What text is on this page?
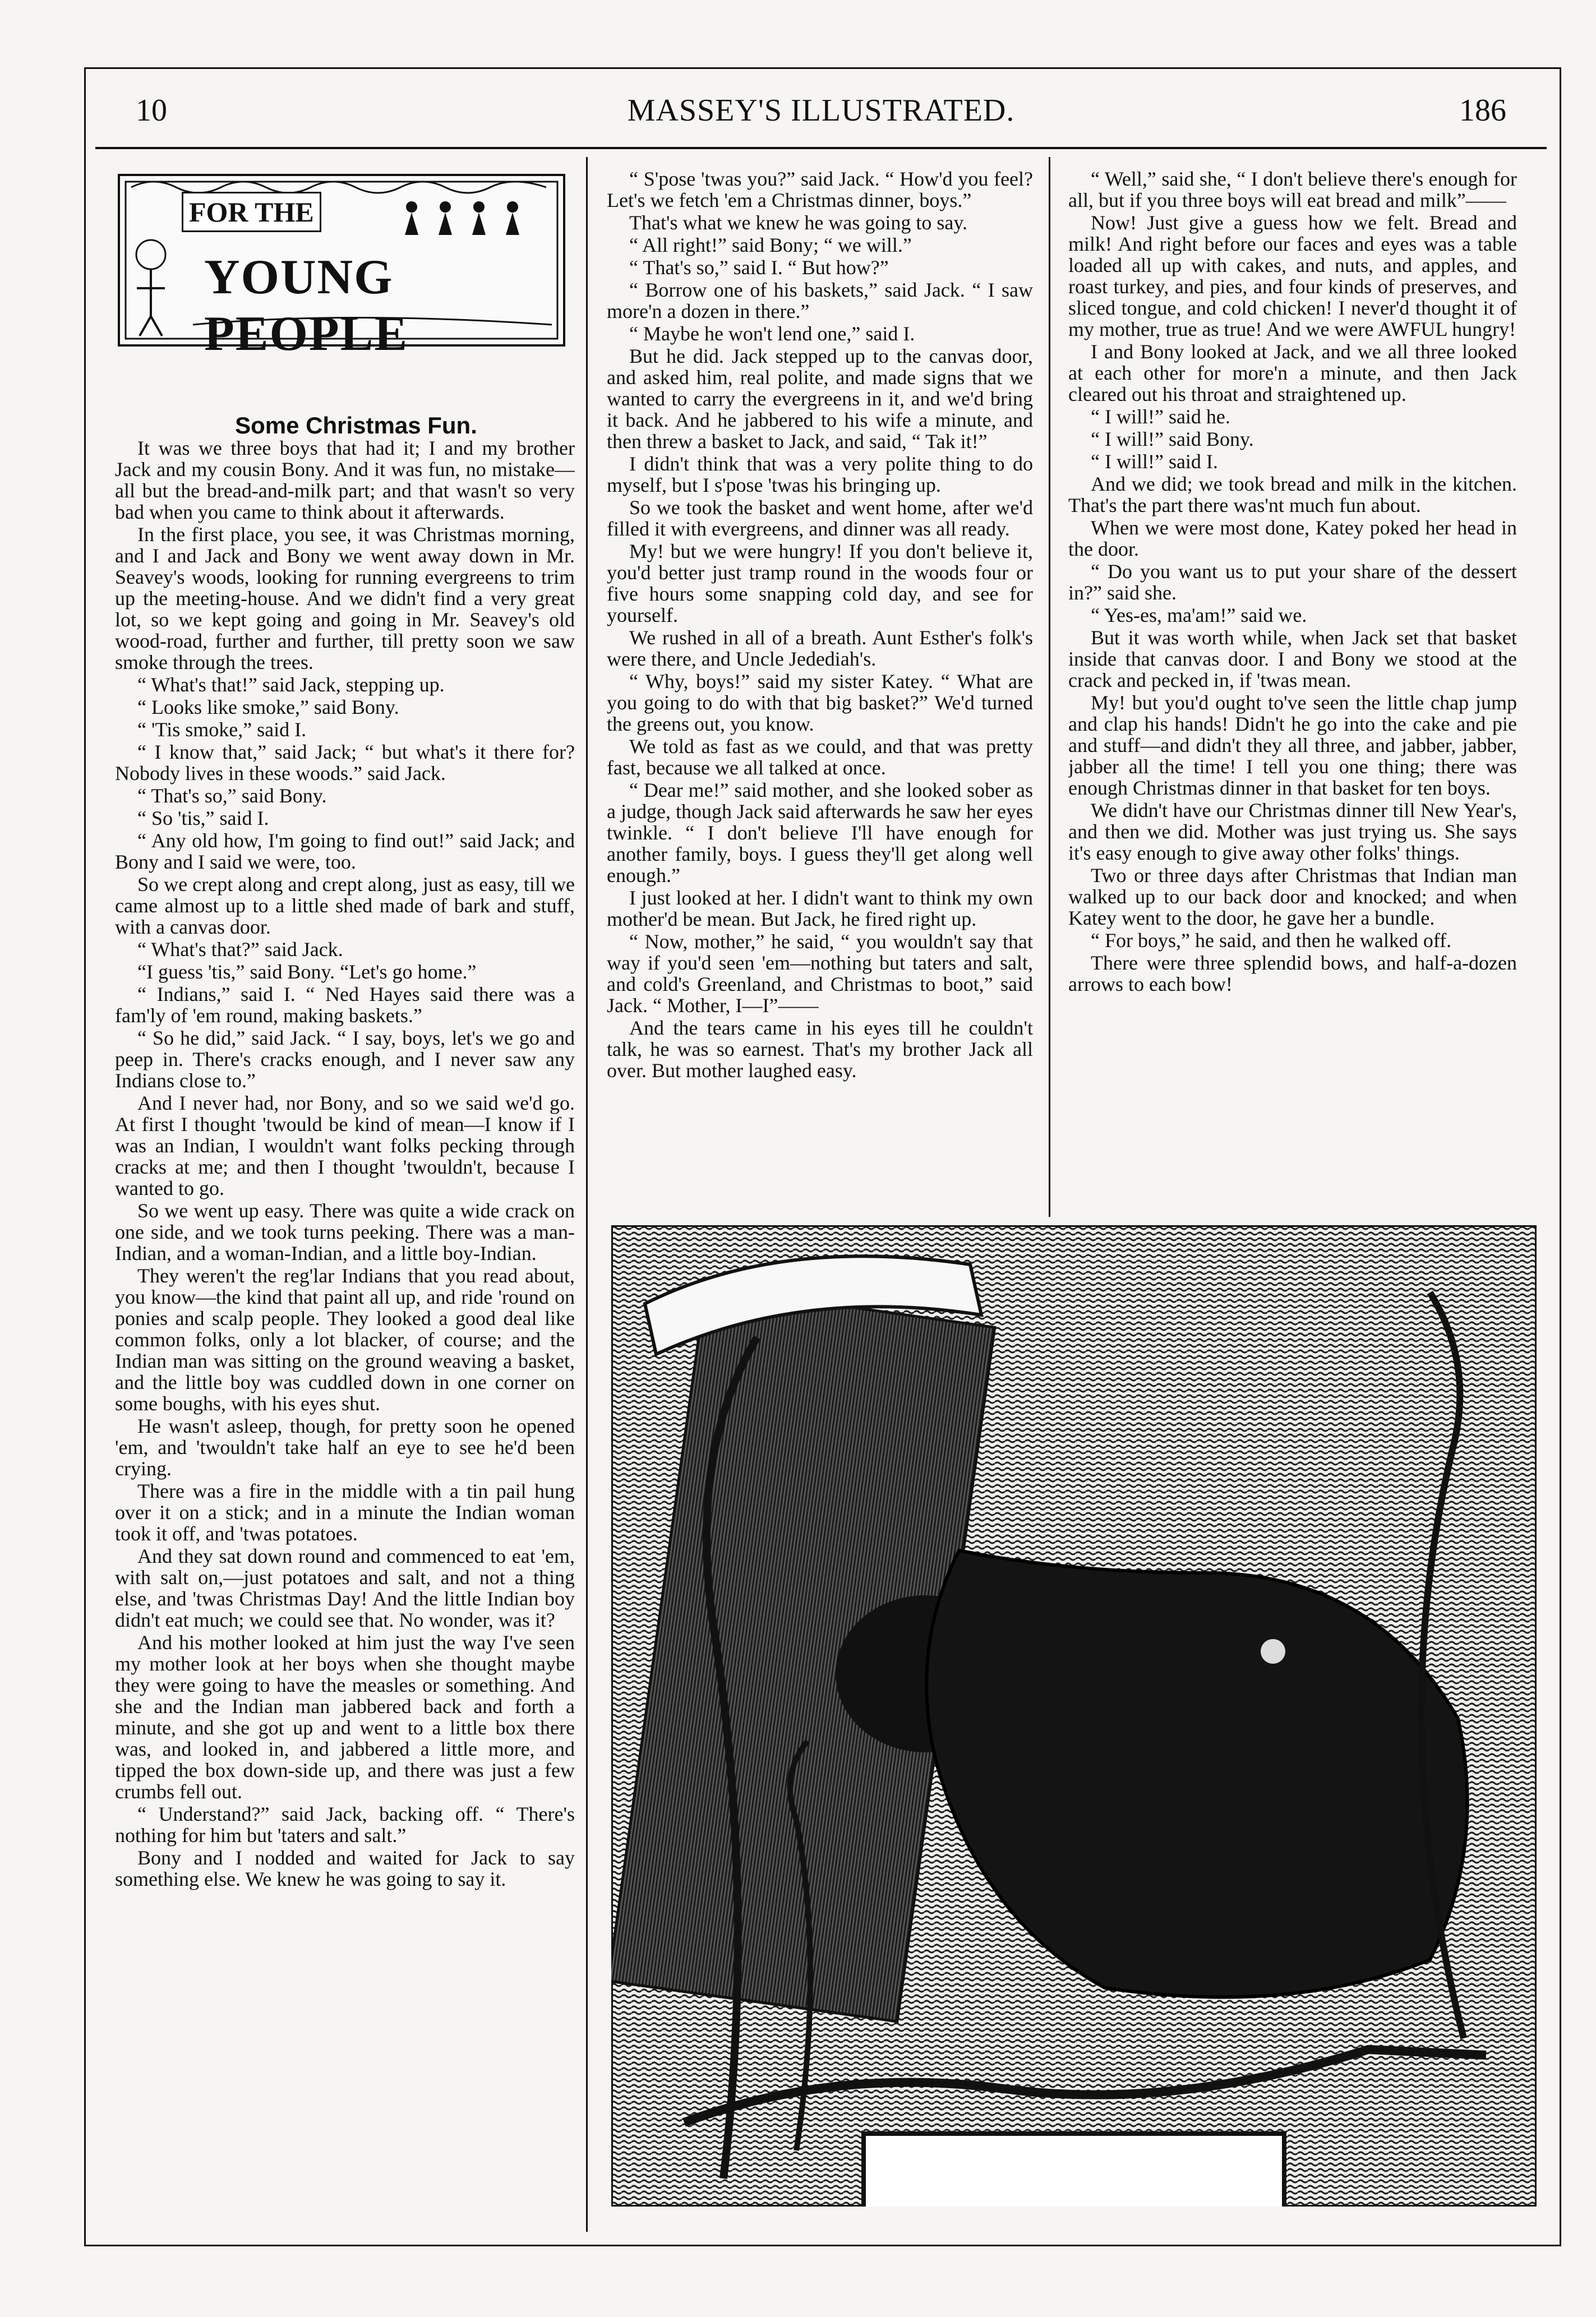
10	MASSEY'S ILLUSTRATED.	186
FOR THE
YOUNG PEOPLE

Some Christmas Fun.

It was we three boys that had it; I and my brother Jack and my cousin Bony. And it was fun, no mistake—all but the bread-and-milk part; and that wasn't so very bad when you came to think about it afterwards.

In the first place, you see, it was Christmas morning, and I and Jack and Bony we went away down in Mr. Seavey's woods, looking for running evergreens to trim up the meeting-house. And we didn't find a very great lot, so we kept going and going in Mr. Seavey's old wood-road, further and further, till pretty soon we saw smoke through the trees.

“ What's that!” said Jack, stepping up.

“ Looks like smoke,” said Bony.

“ 'Tis smoke,” said I.

“ I know that,” said Jack; “ but what's it there for? Nobody lives in these woods.” said Jack.

“ That's so,” said Bony.

“ So 'tis,” said I.

“ Any old how, I'm going to find out!” said Jack; and Bony and I said we were, too.

So we crept along and crept along, just as easy, till we came almost up to a little shed made of bark and stuff, with a canvas door.

“ What's that?” said Jack.

“I guess 'tis,” said Bony. “Let's go home.”

“ Indians,” said I. “ Ned Hayes said there was a fam'ly of 'em round, making baskets.”

“ So he did,” said Jack. “ I say, boys, let's we go and peep in. There's cracks enough, and I never saw any Indians close to.”

And I never had, nor Bony, and so we said we'd go. At first I thought 'twould be kind of mean—I know if I was an Indian, I wouldn't want folks pecking through cracks at me; and then I thought 'twouldn't, because I wanted to go.

So we went up easy. There was quite a wide crack on one side, and we took turns peeking. There was a man-Indian, and a woman-Indian, and a little boy-Indian.

They weren't the reg'lar Indians that you read about, you know—the kind that paint all up, and ride 'round on ponies and scalp people. They looked a good deal like common folks, only a lot blacker, of course; and the Indian man was sitting on the ground weaving a basket, and the little boy was cuddled down in one corner on some boughs, with his eyes shut.

He wasn't asleep, though, for pretty soon he opened 'em, and 'twouldn't take half an eye to see he'd been crying.

There was a fire in the middle with a tin pail hung over it on a stick; and in a minute the Indian woman took it off, and 'twas potatoes.

And they sat down round and commenced to eat 'em, with salt on,—just potatoes and salt, and not a thing else, and 'twas Christmas Day! And the little Indian boy didn't eat much; we could see that. No wonder, was it?

And his mother looked at him just the way I've seen my mother look at her boys when she thought maybe they were going to have the measles or something. And she and the Indian man jabbered back and forth a minute, and she got up and went to a little box there was, and looked in, and jabbered a little more, and tipped the box down-side up, and there was just a few crumbs fell out.

“ Understand?” said Jack, backing off. “ There's nothing for him but 'taters and salt.”

Bony and I nodded and waited for Jack to say something else. We knew he was going to say it.

“ S'pose 'twas you?” said Jack. “ How'd you feel? Let's we fetch 'em a Christmas dinner, boys.”

That's what we knew he was going to say.

“ All right!” said Bony; “ we will.”

“ That's so,” said I. “ But how?”

“ Borrow one of his baskets,” said Jack. “ I saw more'n a dozen in there.”

“ Maybe he won't lend one,” said I.

But he did. Jack stepped up to the canvas door, and asked him, real polite, and made signs that we wanted to carry the evergreens in it, and we'd bring it back. And he jabbered to his wife a minute, and then threw a basket to Jack, and said, “ Tak it!”

I didn't think that was a very polite thing to do myself, but I s'pose 'twas his bringing up.

So we took the basket and went home, after we'd filled it with evergreens, and dinner was all ready.

My! but we were hungry! If you don't believe it, you'd better just tramp round in the woods four or five hours some snapping cold day, and see for yourself.

We rushed in all of a breath. Aunt Esther's folk's were there, and Uncle Jedediah's.

“ Why, boys!” said my sister Katey. “ What are you going to do with that big basket?” We'd turned the greens out, you know.

We told as fast as we could, and that was pretty fast, because we all talked at once.

“ Dear me!” said mother, and she looked sober as a judge, though Jack said afterwards he saw her eyes twinkle. “ I don't believe I'll have enough for another family, boys. I guess they'll get along well enough.”

I just looked at her. I didn't want to think my own mother'd be mean. But Jack, he fired right up.

“ Now, mother,” he said, “ you wouldn't say that way if you'd seen 'em—nothing but taters and salt, and cold's Greenland, and Christmas to boot,” said Jack. “ Mother, I—I”——

And the tears came in his eyes till he couldn't talk, he was so earnest. That's my brother Jack all over. But mother laughed easy.

“ Well,” said she, “ I don't believe there's enough for all, but if you three boys will eat bread and milk”——

Now! Just give a guess how we felt. Bread and milk! And right before our faces and eyes was a table loaded all up with cakes, and nuts, and apples, and roast turkey, and pies, and four kinds of preserves, and sliced tongue, and cold chicken! I never'd thought it of my mother, true as true! And we were AWFUL hungry!

I and Bony looked at Jack, and we all three looked at each other for more'n a minute, and then Jack cleared out his throat and straightened up.

“ I will!” said he.

“ I will!” said Bony.

“ I will!” said I.

And we did; we took bread and milk in the kitchen. That's the part there was'nt much fun about.

When we were most done, Katey poked her head in the door.

“ Do you want us to put your share of the dessert in?” said she.

“ Yes-es, ma'am!” said we.

But it was worth while, when Jack set that basket inside that canvas door. I and Bony we stood at the crack and pecked in, if 'twas mean.

My! but you'd ought to've seen the little chap jump and clap his hands! Didn't he go into the cake and pie and stuff—and didn't they all three, and jabber, jabber, jabber all the time! I tell you one thing; there was enough Christmas dinner in that basket for ten boys.

We didn't have our Christmas dinner till New Year's, and then we did. Mother was just trying us. She says it's easy enough to give away other folks' things.

Two or three days after Christmas that Indian man walked up to our back door and knocked; and when Katey went to the door, he gave her a bundle.

“ For boys,” he said, and then he walked off.

There were three splendid bows, and half-a-dozen arrows to each bow!
